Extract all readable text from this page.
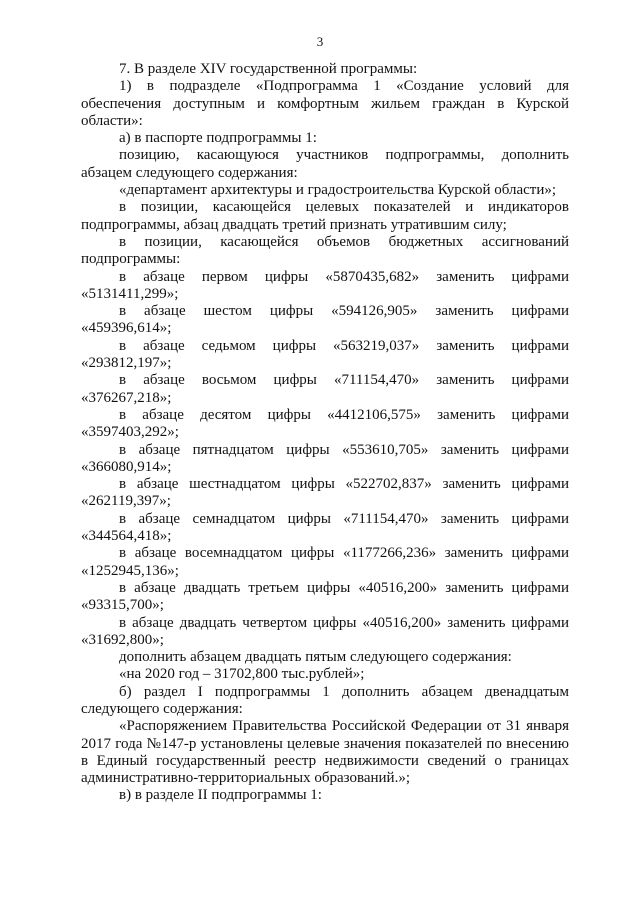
3

7. В разделе XIV государственной программы:

1) в подразделе «Подпрограмма 1 «Создание условий для обеспечения доступным и комфортным жильем граждан в Курской области»:

а) в паспорте подпрограммы 1:

позицию, касающуюся участников подпрограммы, дополнить абзацем следующего содержания:

«департамент архитектуры и градостроительства Курской области»;

в позиции, касающейся целевых показателей и индикаторов подпрограммы, абзац двадцать третий признать утратившим силу;

в позиции, касающейся объемов бюджетных ассигнований подпрограммы:

в абзаце первом цифры «5870435,682» заменить цифрами «5131411,299»;

в абзаце шестом цифры «594126,905» заменить цифрами «459396,614»;

в абзаце седьмом цифры «563219,037» заменить цифрами «293812,197»;

в абзаце восьмом цифры «711154,470» заменить цифрами «376267,218»;

в абзаце десятом цифры «4412106,575» заменить цифрами «3597403,292»;

в абзаце пятнадцатом цифры «553610,705» заменить цифрами «366080,914»;

в абзаце шестнадцатом цифры «522702,837» заменить цифрами «262119,397»;

в абзаце семнадцатом цифры «711154,470» заменить цифрами «344564,418»;

в абзаце восемнадцатом цифры «1177266,236» заменить цифрами «1252945,136»;

в абзаце двадцать третьем цифры «40516,200» заменить цифрами «93315,700»;

в абзаце двадцать четвертом цифры «40516,200» заменить цифрами «31692,800»;

дополнить абзацем двадцать пятым следующего содержания:

«на 2020 год – 31702,800 тыс.рублей»;

б) раздел I подпрограммы 1 дополнить абзацем двенадцатым следующего содержания:

«Распоряжением Правительства Российской Федерации от 31 января 2017 года №147-р установлены целевые значения показателей по внесению в Единый государственный реестр недвижимости сведений о границах административно-территориальных образований.»;

в) в разделе II подпрограммы 1:
